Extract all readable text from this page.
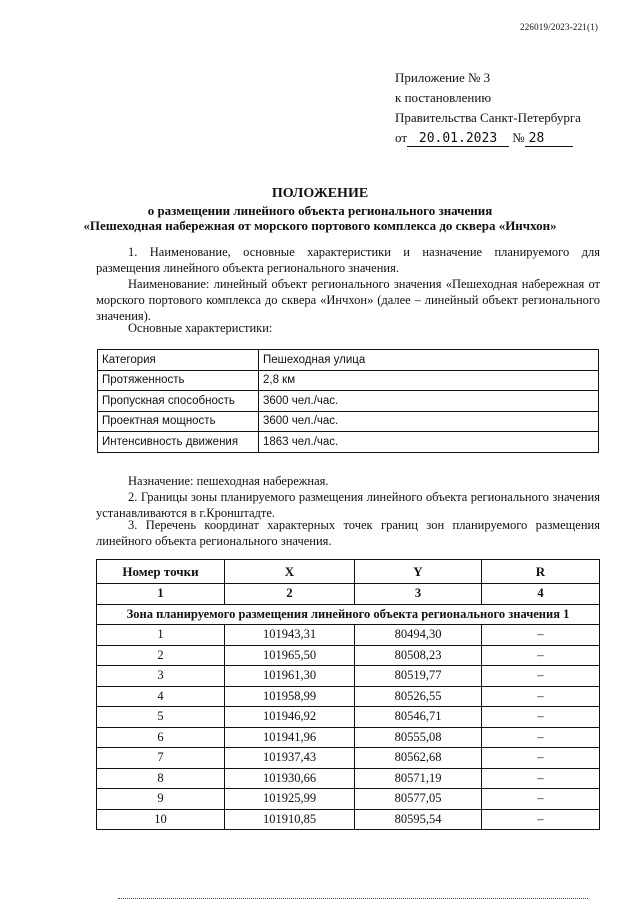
226019/2023-221(1)
Приложение № 3
к постановлению
Правительства Санкт-Петербурга
от 20.01.2023 № 28
ПОЛОЖЕНИЕ
о размещении линейного объекта регионального значения
«Пешеходная набережная от морского портового комплекса до сквера «Инчхон»
1. Наименование, основные характеристики и назначение планируемого для размещения линейного объекта регионального значения.
Наименование: линейный объект регионального значения «Пешеходная набережная от морского портового комплекса до сквера «Инчхон» (далее – линейный объект регионального значения).
Основные характеристики:
Категория	Пешеходная улица
Протяженность	2,8 км
Пропускная способность	3600 чел./час.
Проектная мощность	3600 чел./час.
Интенсивность движения	1863 чел./час.
Назначение: пешеходная набережная.
2. Границы зоны планируемого размещения линейного объекта регионального значения устанавливаются в г.Кронштадте.
3. Перечень координат характерных точек границ зон планируемого размещения линейного объекта регионального значения.
Номер точки	X	Y	R
1	2	3	4
Зона планируемого размещения линейного объекта регионального значения 1			
1	101943,31	80494,30	–
2	101965,50	80508,23	–
3	101961,30	80519,77	–
4	101958,99	80526,55	–
5	101946,92	80546,71	–
6	101941,96	80555,08	–
7	101937,43	80562,68	–
8	101930,66	80571,19	–
9	101925,99	80577,05	–
10	101910,85	80595,54	–
